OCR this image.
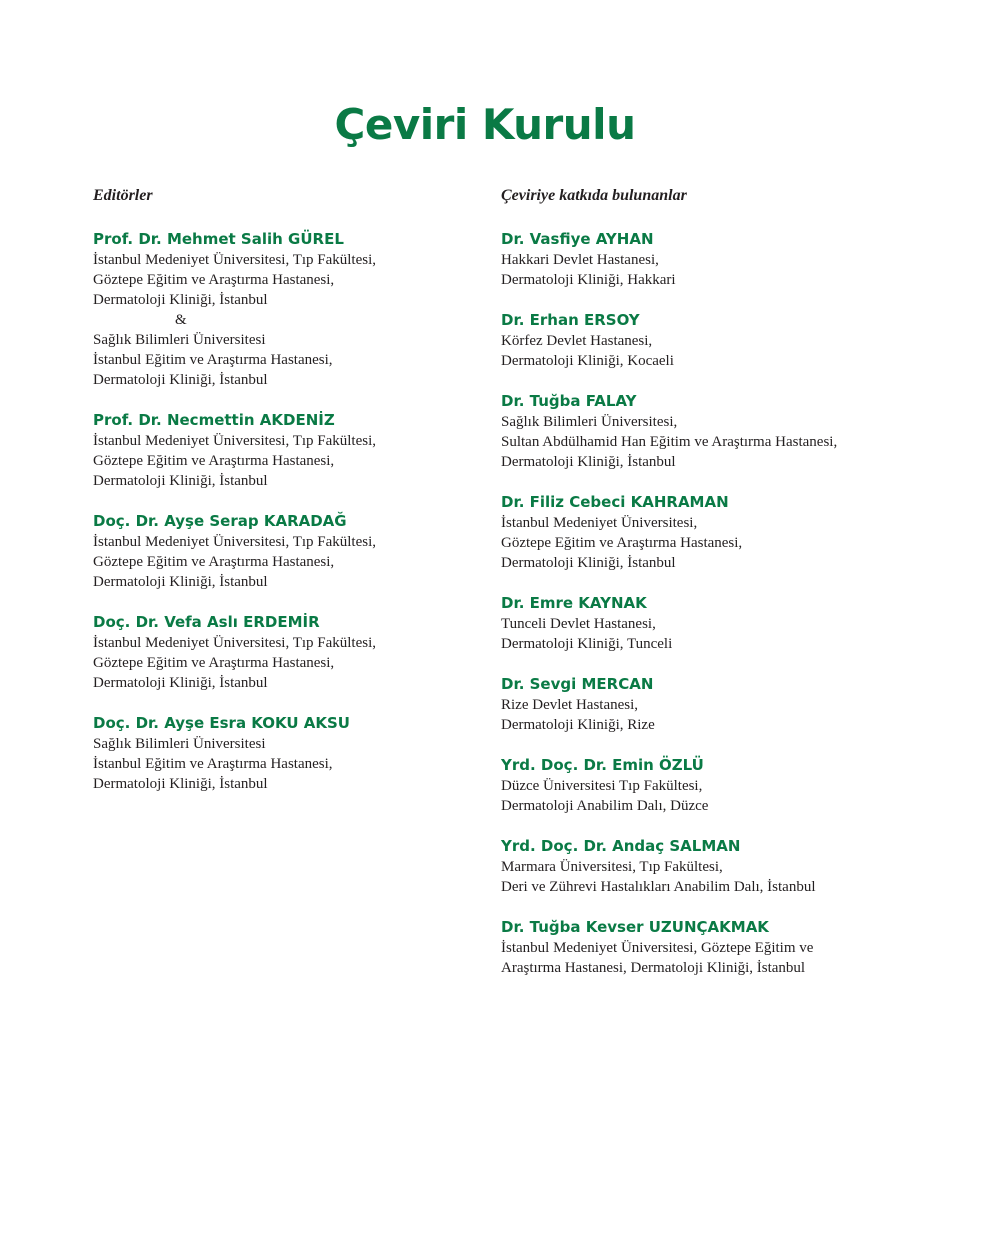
Çeviri Kurulu
Editörler
Prof. Dr. Mehmet Salih GÜREL
İstanbul Medeniyet Üniversitesi, Tıp Fakültesi,
Göztepe Eğitim ve Araştırma Hastanesi,
Dermatoloji Kliniği, İstanbul
&
Sağlık Bilimleri Üniversitesi
İstanbul Eğitim ve Araştırma Hastanesi,
Dermatoloji Kliniği, İstanbul
Prof. Dr. Necmettin AKDENİZ
İstanbul Medeniyet Üniversitesi, Tıp Fakültesi,
Göztepe Eğitim ve Araştırma Hastanesi,
Dermatoloji Kliniği, İstanbul
Doç. Dr. Ayşe Serap KARADAĞ
İstanbul Medeniyet Üniversitesi, Tıp Fakültesi,
Göztepe Eğitim ve Araştırma Hastanesi,
Dermatoloji Kliniği, İstanbul
Doç. Dr. Vefa Aslı ERDEMİR
İstanbul Medeniyet Üniversitesi, Tıp Fakültesi,
Göztepe Eğitim ve Araştırma Hastanesi,
Dermatoloji Kliniği, İstanbul
Doç. Dr. Ayşe Esra KOKU AKSU
Sağlık Bilimleri Üniversitesi
İstanbul Eğitim ve Araştırma Hastanesi,
Dermatoloji Kliniği, İstanbul
Çeviriye katkıda bulunanlar
Dr. Vasfiye AYHAN
Hakkari Devlet Hastanesi,
Dermatoloji Kliniği, Hakkari
Dr. Erhan ERSOY
Körfez Devlet Hastanesi,
Dermatoloji Kliniği, Kocaeli
Dr. Tuğba FALAY
Sağlık Bilimleri Üniversitesi,
Sultan Abdülhamid Han Eğitim ve Araştırma Hastanesi,
Dermatoloji Kliniği, İstanbul
Dr. Filiz Cebeci KAHRAMAN
İstanbul Medeniyet Üniversitesi,
Göztepe Eğitim ve Araştırma Hastanesi,
Dermatoloji Kliniği, İstanbul
Dr. Emre KAYNAK
Tunceli Devlet Hastanesi,
Dermatoloji Kliniği, Tunceli
Dr. Sevgi MERCAN
Rize Devlet Hastanesi,
Dermatoloji Kliniği, Rize
Yrd. Doç. Dr. Emin ÖZLÜ
Düzce Üniversitesi Tıp Fakültesi,
Dermatoloji Anabilim Dalı, Düzce
Yrd. Doç. Dr. Andaç SALMAN
Marmara Üniversitesi, Tıp Fakültesi,
Deri ve Zührevi Hastalıkları Anabilim Dalı, İstanbul
Dr. Tuğba Kevser UZUNÇAKMAK
İstanbul Medeniyet Üniversitesi, Göztepe Eğitim ve
Araştırma Hastanesi, Dermatoloji Kliniği, İstanbul
